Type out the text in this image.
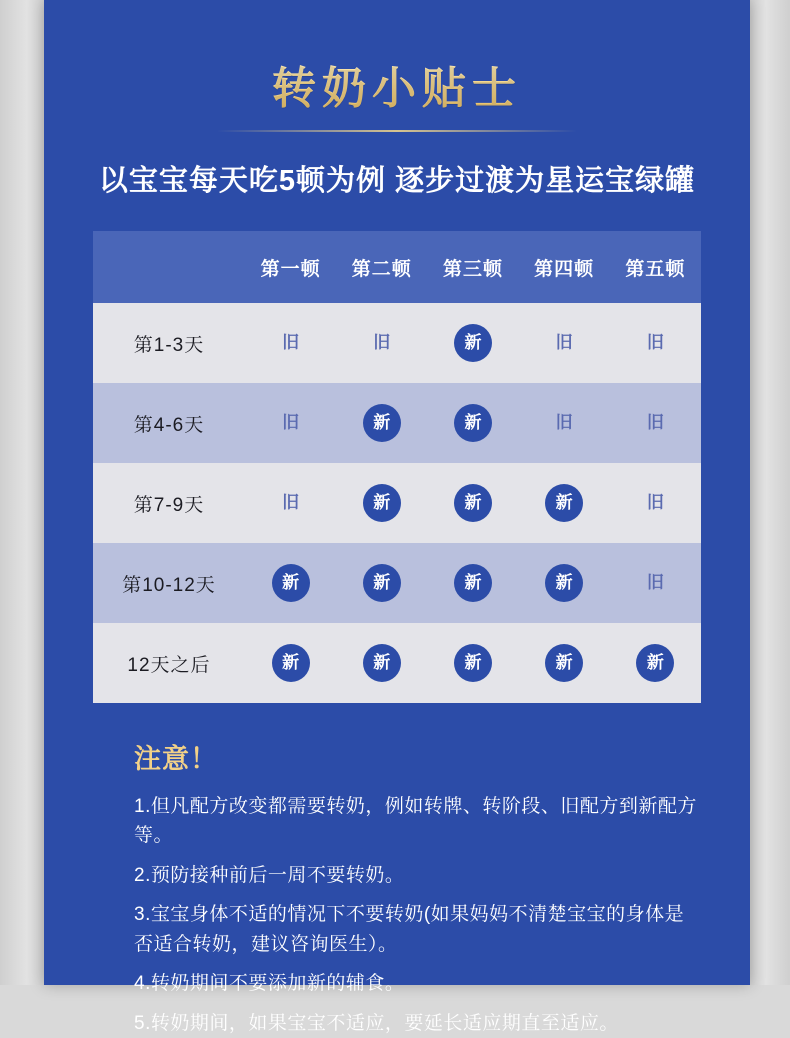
转奶小贴士
以宝宝每天吃5顿为例 逐步过渡为星运宝绿罐
	第一顿	第二顿	第三顿	第四顿	第五顿
第1-3天	旧	旧	新	旧	旧
第4-6天	旧	新	新	旧	旧
第7-9天	旧	新	新	新	旧
第10-12天	新	新	新	新	旧
12天之后	新	新	新	新	新
注意！

1.但凡配方改变都需要转奶，例如转牌、转阶段、旧配方到新配方等。

2.预防接种前后一周不要转奶。

3.宝宝身体不适的情况下不要转奶(如果妈妈不清楚宝宝的身体是否适合转奶，建议咨询医生）。

4.转奶期间不要添加新的辅食。

5.转奶期间，如果宝宝不适应，要延长适应期直至适应。
